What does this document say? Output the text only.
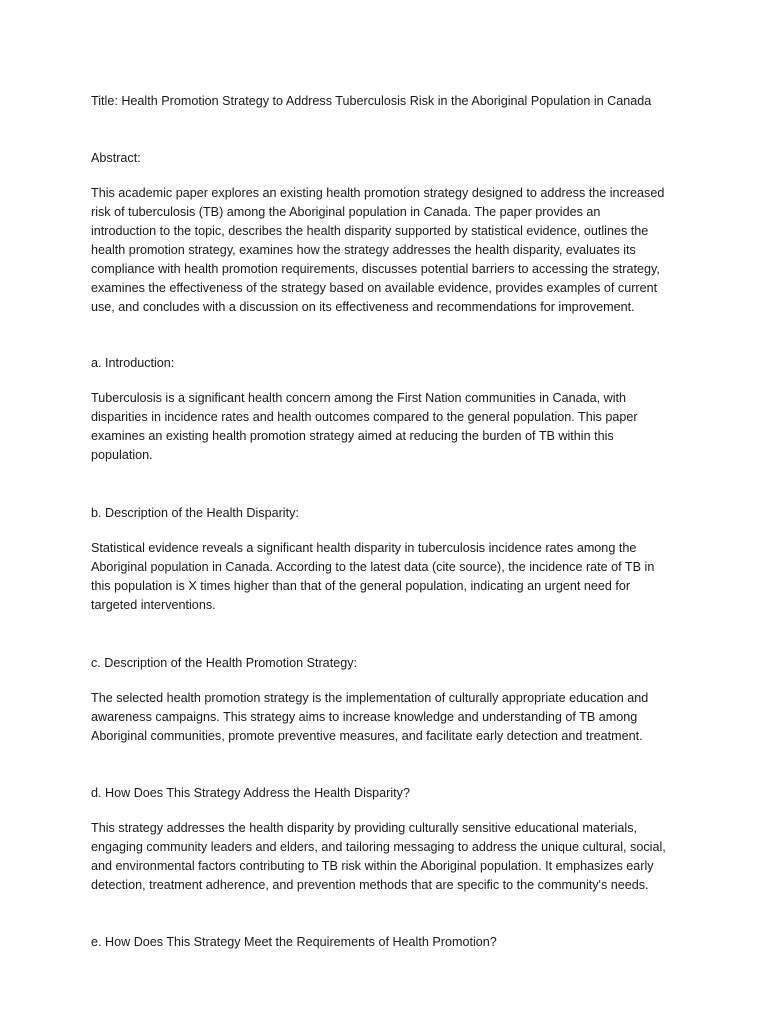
Title: Health Promotion Strategy to Address Tuberculosis Risk in the Aboriginal Population in Canada

Abstract:

This academic paper explores an existing health promotion strategy designed to address the increased risk of tuberculosis (TB) among the Aboriginal population in Canada. The paper provides an introduction to the topic, describes the health disparity supported by statistical evidence, outlines the health promotion strategy, examines how the strategy addresses the health disparity, evaluates its compliance with health promotion requirements, discusses potential barriers to accessing the strategy, examines the effectiveness of the strategy based on available evidence, provides examples of current use, and concludes with a discussion on its effectiveness and recommendations for improvement.

a. Introduction:

Tuberculosis is a significant health concern among the First Nation communities in Canada, with disparities in incidence rates and health outcomes compared to the general population. This paper examines an existing health promotion strategy aimed at reducing the burden of TB within this population.

b. Description of the Health Disparity:

Statistical evidence reveals a significant health disparity in tuberculosis incidence rates among the Aboriginal population in Canada. According to the latest data (cite source), the incidence rate of TB in this population is X times higher than that of the general population, indicating an urgent need for targeted interventions.

c. Description of the Health Promotion Strategy:

The selected health promotion strategy is the implementation of culturally appropriate education and awareness campaigns. This strategy aims to increase knowledge and understanding of TB among Aboriginal communities, promote preventive measures, and facilitate early detection and treatment.

d. How Does This Strategy Address the Health Disparity?

This strategy addresses the health disparity by providing culturally sensitive educational materials, engaging community leaders and elders, and tailoring messaging to address the unique cultural, social, and environmental factors contributing to TB risk within the Aboriginal population. It emphasizes early detection, treatment adherence, and prevention methods that are specific to the community's needs.

e. How Does This Strategy Meet the Requirements of Health Promotion?
